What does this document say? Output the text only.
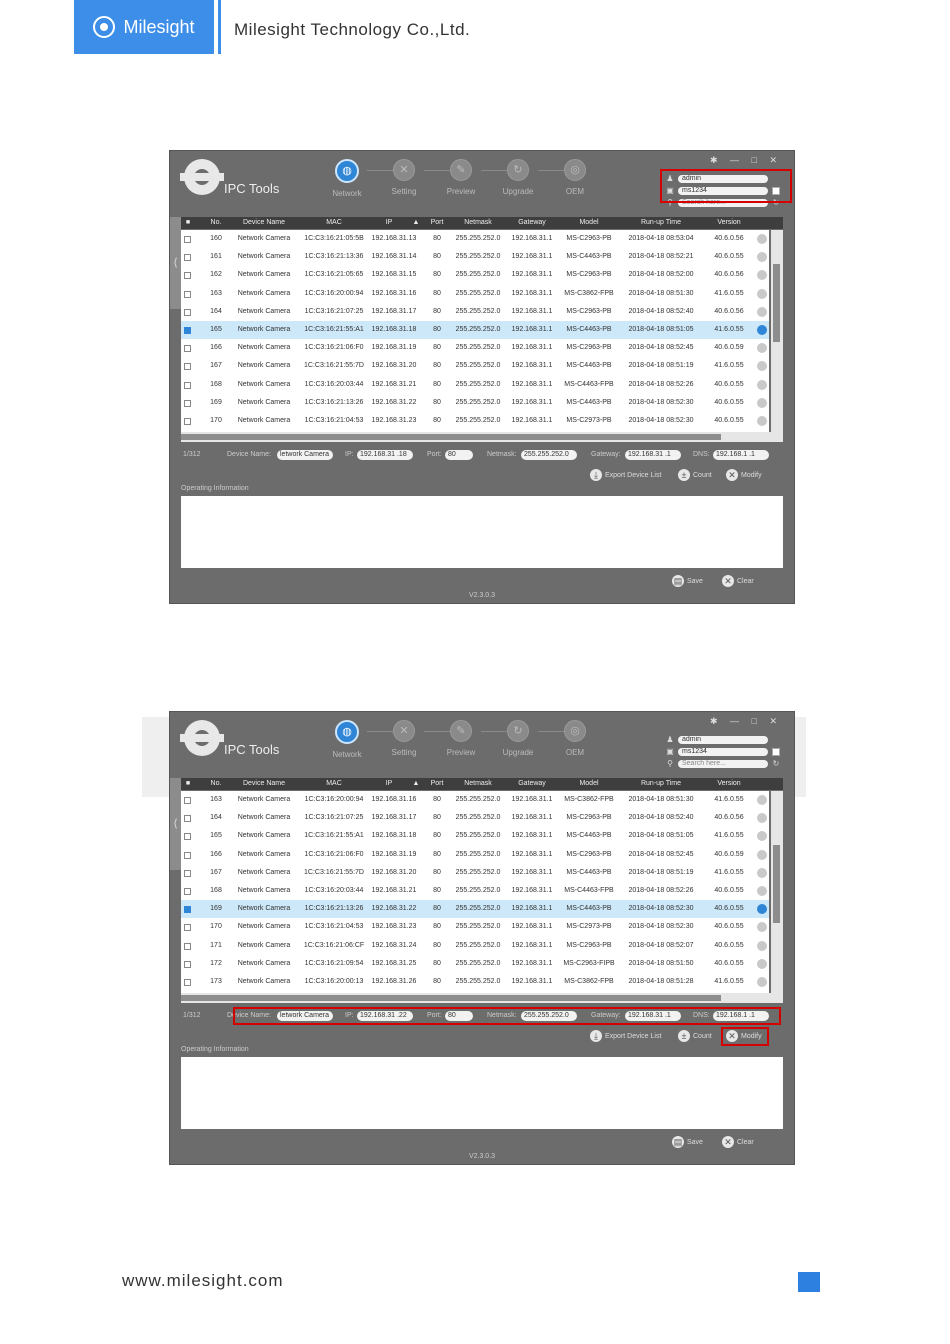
Milesight Milesight Technology Co.,Ltd.
✱ — □ ✕
IPC Tools
◍
Network
✕
Setting
✎
Preview
↻
Upgrade
◎
OEM
♟	admin
▣	ms1234
⚲	Search here...	↻
⟨
■	No.	Device Name	MAC	IP	▲	Port	Netmask	Gateway	Model	Run-up Time	Version
160	Network Camera	1C:C3:16:21:05:5B	192.168.31.13	80	255.255.252.0	192.168.31.1	MS-C2963-PB	2018-04-18 08:53:04	40.6.0.56
161	Network Camera	1C:C3:16:21:13:36	192.168.31.14	80	255.255.252.0	192.168.31.1	MS-C4463-PB	2018-04-18 08:52:21	40.6.0.55
162	Network Camera	1C:C3:16:21:05:65	192.168.31.15	80	255.255.252.0	192.168.31.1	MS-C2963-PB	2018-04-18 08:52:00	40.6.0.56
163	Network Camera	1C:C3:16:20:00:94	192.168.31.16	80	255.255.252.0	192.168.31.1	MS-C3862-FPB	2018-04-18 08:51:30	41.6.0.55
164	Network Camera	1C:C3:16:21:07:25	192.168.31.17	80	255.255.252.0	192.168.31.1	MS-C2963-PB	2018-04-18 08:52:40	40.6.0.56
165	Network Camera	1C:C3:16:21:55:A1	192.168.31.18	80	255.255.252.0	192.168.31.1	MS-C4463-PB	2018-04-18 08:51:05	41.6.0.55
166	Network Camera	1C:C3:16:21:06:F0	192.168.31.19	80	255.255.252.0	192.168.31.1	MS-C2963-PB	2018-04-18 08:52:45	40.6.0.59
167	Network Camera	1C:C3:16:21:55:7D	192.168.31.20	80	255.255.252.0	192.168.31.1	MS-C4463-PB	2018-04-18 08:51:19	41.6.0.55
168	Network Camera	1C:C3:16:20:03:44	192.168.31.21	80	255.255.252.0	192.168.31.1	MS-C4463-FPB	2018-04-18 08:52:26	40.6.0.55
169	Network Camera	1C:C3:16:21:13:26	192.168.31.22	80	255.255.252.0	192.168.31.1	MS-C4463-PB	2018-04-18 08:52:30	40.6.0.55
170	Network Camera	1C:C3:16:21:04:53	192.168.31.23	80	255.255.252.0	192.168.31.1	MS-C2973-PB	2018-04-18 08:52:30	40.6.0.55
1/312	Device Name:	letwork Camera	IP: 192.168.31 .18	Port: 80	Netmask:	255.255.252.0	Gateway:	192.168.31 .1	DNS: 192.168.1 .1
⤓ Export Device List	± Count ✕ Modify
Operating Information
▤ Save ✕ Clear
V2.3.0.3
✱ — □ ✕
IPC Tools
◍
Network
✕
Setting
✎
Preview
↻
Upgrade
◎
OEM
♟	admin
▣	ms1234
⚲	Search here...	↻
⟨
■	No.	Device Name	MAC	IP	▲	Port	Netmask	Gateway	Model	Run-up Time	Version
163	Network Camera	1C:C3:16:20:00:94	192.168.31.16	80	255.255.252.0	192.168.31.1	MS-C3862-FPB	2018-04-18 08:51:30	41.6.0.55
164	Network Camera	1C:C3:16:21:07:25	192.168.31.17	80	255.255.252.0	192.168.31.1	MS-C2963-PB	2018-04-18 08:52:40	40.6.0.56
165	Network Camera	1C:C3:16:21:55:A1	192.168.31.18	80	255.255.252.0	192.168.31.1	MS-C4463-PB	2018-04-18 08:51:05	41.6.0.55
166	Network Camera	1C:C3:16:21:06:F0	192.168.31.19	80	255.255.252.0	192.168.31.1	MS-C2963-PB	2018-04-18 08:52:45	40.6.0.59
167	Network Camera	1C:C3:16:21:55:7D	192.168.31.20	80	255.255.252.0	192.168.31.1	MS-C4463-PB	2018-04-18 08:51:19	41.6.0.55
168	Network Camera	1C:C3:16:20:03:44	192.168.31.21	80	255.255.252.0	192.168.31.1	MS-C4463-FPB	2018-04-18 08:52:26	40.6.0.55
169	Network Camera	1C:C3:16:21:13:26	192.168.31.22	80	255.255.252.0	192.168.31.1	MS-C4463-PB	2018-04-18 08:52:30	40.6.0.55
170	Network Camera	1C:C3:16:21:04:53	192.168.31.23	80	255.255.252.0	192.168.31.1	MS-C2973-PB	2018-04-18 08:52:30	40.6.0.55
171	Network Camera	1C:C3:16:21:06:CF	192.168.31.24	80	255.255.252.0	192.168.31.1	MS-C2963-PB	2018-04-18 08:52:07	40.6.0.55
172	Network Camera	1C:C3:16:21:09:54	192.168.31.25	80	255.255.252.0	192.168.31.1	MS-C2963-FIPB	2018-04-18 08:51:50	40.6.0.55
173	Network Camera	1C:C3:16:20:00:13	192.168.31.26	80	255.255.252.0	192.168.31.1	MS-C3862-FPB	2018-04-18 08:51:28	41.6.0.55
1/312	Device Name:	letwork Camera	IP: 192.168.31 .22	Port: 80	Netmask:	255.255.252.0	Gateway:	192.168.31 .1	DNS: 192.168.1 .1
⤓ Export Device List	± Count ✕ Modify
Operating Information
▤ Save ✕ Clear
V2.3.0.3
www.milesight.com
